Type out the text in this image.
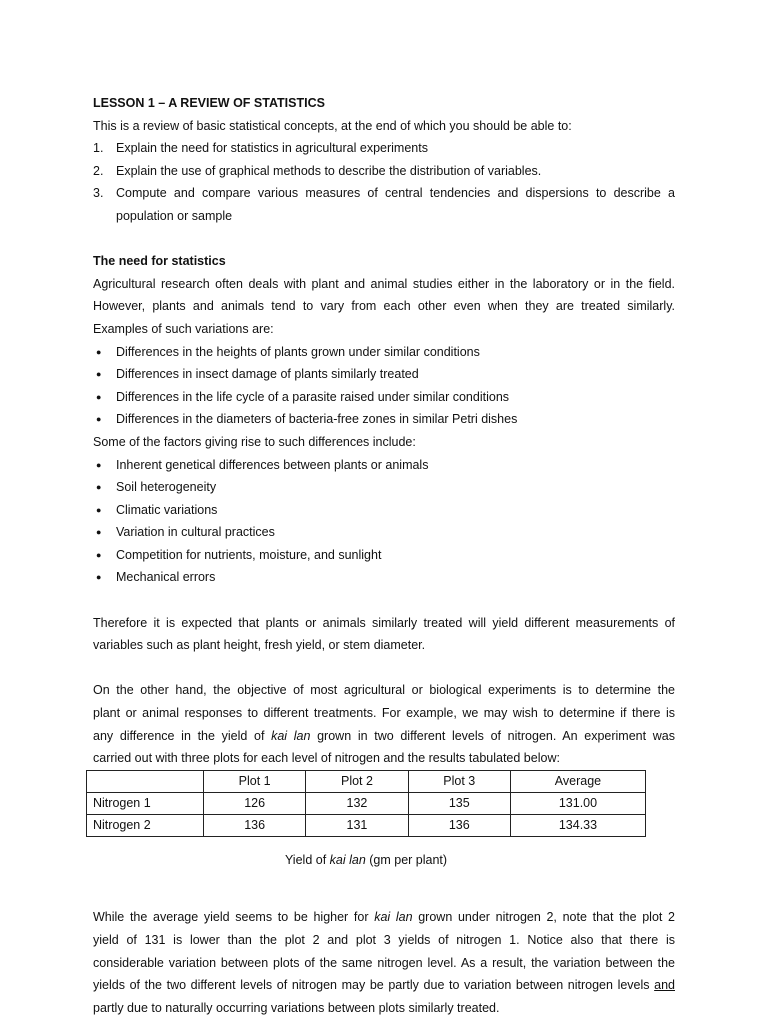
LESSON 1 – A REVIEW OF STATISTICS

This is a review of basic statistical concepts, at the end of which you should be able to:

1.	Explain the need for statistics in agricultural experiments
2.	Explain the use of graphical methods to describe the distribution of variables.
3.	Compute and compare various measures of central tendencies and dispersions to describe a

population or sample

The need for statistics

Agricultural research often deals with plant and animal studies either in the laboratory or in the field.

However, plants and animals tend to vary from each other even when they are treated similarly.

Examples of such variations are:

●	Differences in the heights of plants grown under similar conditions
●	Differences in insect damage of plants similarly treated
●	Differences in the life cycle of a parasite raised under similar conditions
●	Differences in the diameters of bacteria-free zones in similar Petri dishes

Some of the factors giving rise to such differences include:

●	Inherent genetical differences between plants or animals
●	Soil heterogeneity
●	Climatic variations
●	Variation in cultural practices
●	Competition for nutrients, moisture, and sunlight
●	Mechanical errors

Therefore it is expected that plants or animals similarly treated will yield different measurements of

variables such as plant height, fresh yield, or stem diameter.

On the other hand, the objective of most agricultural or biological experiments is to determine the

plant or animal responses to different treatments. For example, we may wish to determine if there is

any difference in the yield of kai lan grown in two different levels of nitrogen. An experiment was

carried out with three plots for each level of nitrogen and the results tabulated below:

	Plot 1	Plot 2	Plot 3	Average
Nitrogen 1	126	132	135	131.00
Nitrogen 2	136	131	136	134.33

Yield of kai lan (gm per plant)

While the average yield seems to be higher for kai lan grown under nitrogen 2, note that the plot 2

yield of 131 is lower than the plot 2 and plot 3 yields of nitrogen 1. Notice also that there is

considerable variation between plots of the same nitrogen level. As a result, the variation between the

yields of the two different levels of nitrogen may be partly due to variation between nitrogen levels and

partly due to naturally occurring variations between plots similarly treated.
